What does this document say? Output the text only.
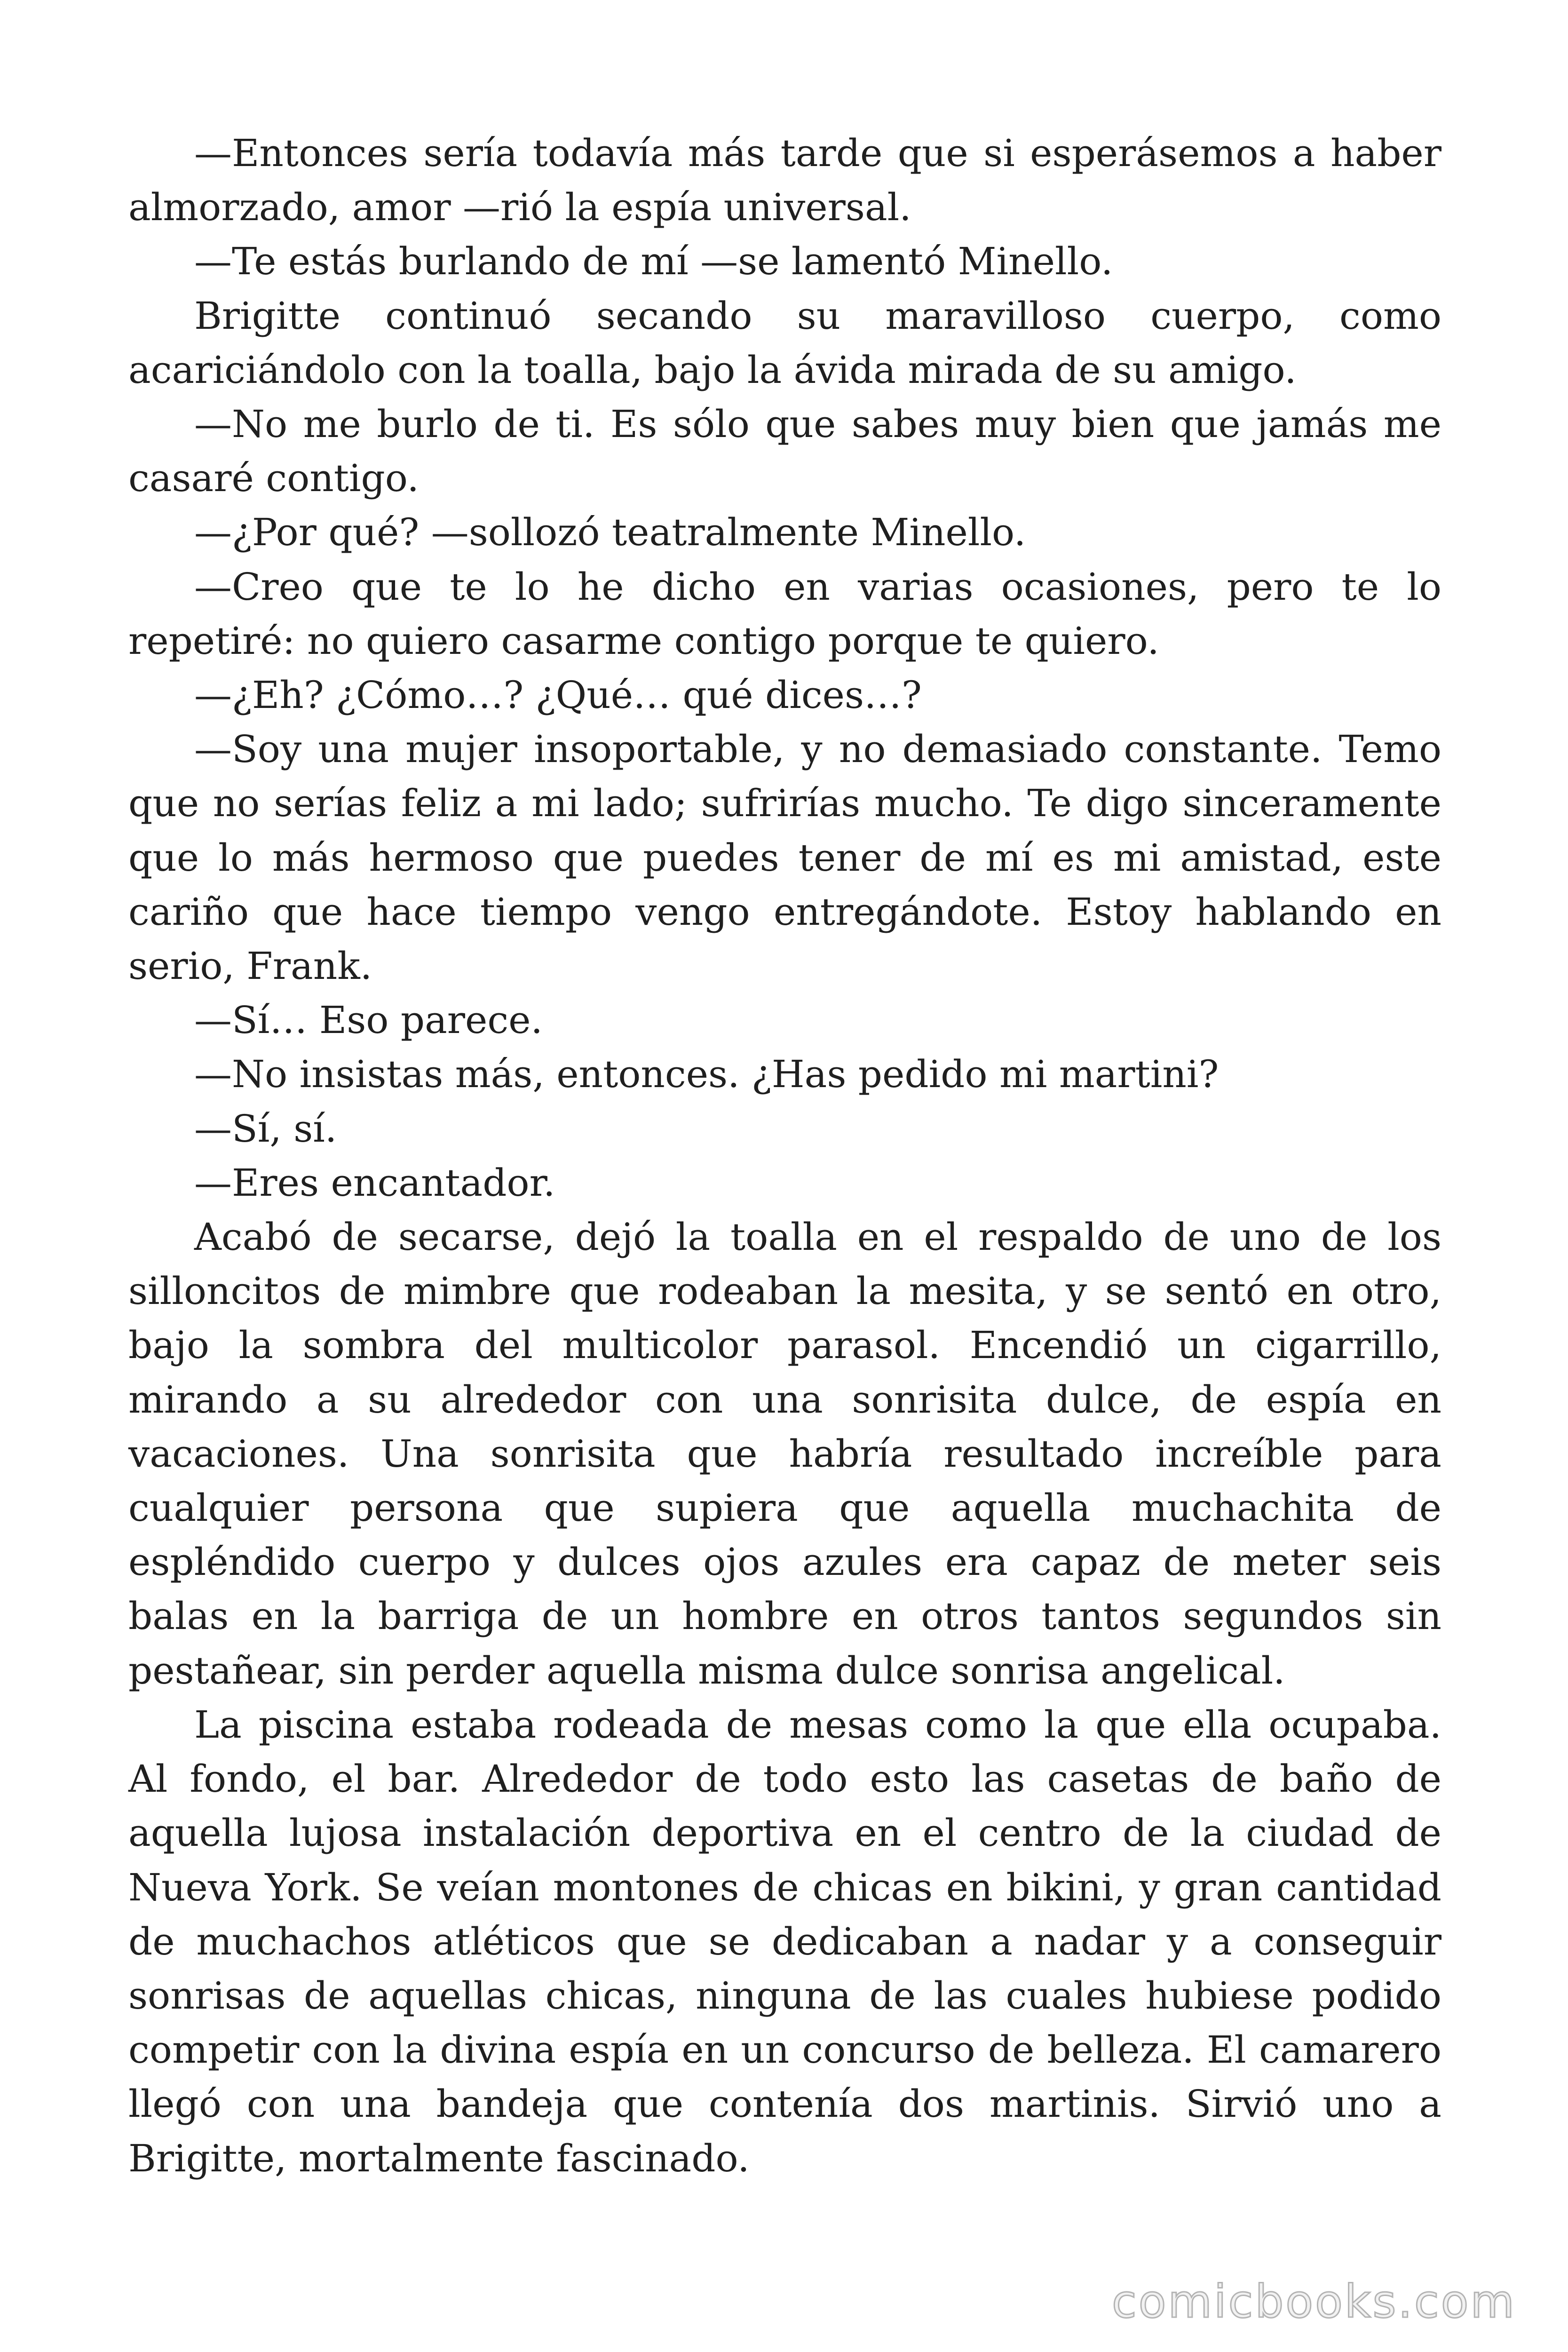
—Entonces sería todavía más tarde que si esperásemos a haber almorzado, amor —rió la espía universal.

—Te estás burlando de mí —se lamentó Minello.

Brigitte continuó secando su maravilloso cuerpo, como acariciándolo con la toalla, bajo la ávida mirada de su amigo.

—No me burlo de ti. Es sólo que sabes muy bien que jamás me casaré contigo.

—¿Por qué? —sollozó teatralmente Minello.

—Creo que te lo he dicho en varias ocasiones, pero te lo repetiré: no quiero casarme contigo porque te quiero.

—¿Eh? ¿Cómo…? ¿Qué… qué dices…?

—Soy una mujer insoportable, y no demasiado constante. Temo que no serías feliz a mi lado; sufrirías mucho. Te digo sinceramente que lo más hermoso que puedes tener de mí es mi amistad, este cariño que hace tiempo vengo entregándote. Estoy hablando en serio, Frank.

—Sí… Eso parece.

—No insistas más, entonces. ¿Has pedido mi martini?

—Sí, sí.

—Eres encantador.

Acabó de secarse, dejó la toalla en el respaldo de uno de los silloncitos de mimbre que rodeaban la mesita, y se sentó en otro, bajo la sombra del multicolor parasol. Encendió un cigarrillo, mirando a su alrededor con una sonrisita dulce, de espía en vacaciones. Una sonrisita que habría resultado increíble para cualquier persona que supiera que aquella muchachita de espléndido cuerpo y dulces ojos azules era capaz de meter seis balas en la barriga de un hombre en otros tantos segundos sin pestañear, sin perder aquella misma dulce sonrisa angelical.

La piscina estaba rodeada de mesas como la que ella ocupaba. Al fondo, el bar. Alrededor de todo esto las casetas de baño de aquella lujosa instalación deportiva en el centro de la ciudad de Nueva York. Se veían montones de chicas en bikini, y gran cantidad de muchachos atléticos que se dedicaban a nadar y a conseguir sonrisas de aquellas chicas, ninguna de las cuales hubiese podido competir con la divina espía en un concurso de belleza. El camarero llegó con una bandeja que contenía dos martinis. Sirvió uno a Brigitte, mortalmente fascinado.

comicbooks.com
